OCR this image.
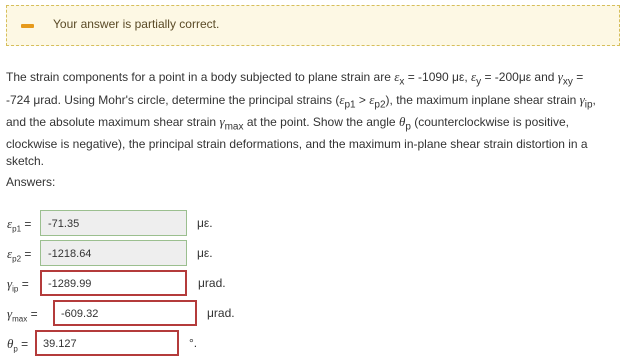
Your answer is partially correct.
The strain components for a point in a body subjected to plane strain are $\varepsilon_x = -1090$ με, $\varepsilon_y = -200\mu\varepsilon$ and $\gamma_{xy}$ =
-724 μrad. Using Mohr's circle, determine the principal strains $(\varepsilon_{p1} > \varepsilon_{p2})$, the maximum inplane shear strain $\gamma_{ip}$,
and the absolute maximum shear strain $\gamma_{max}$ at the point. Show the angle $\theta_p$ (counterclockwise is positive,
clockwise is negative), the principal strain deformations, and the maximum in-plane shear strain distortion in a
sketch.
Answers:
$\varepsilon_{p1}$ =	-71.35	με.
$\varepsilon_{p2}$ =	-1218.64	με.
$\gamma_{ip}$ =	-1289.99	μrad.
$\gamma_{max}$ =	-609.32	μrad.
$\theta_p$ =	39.127	°.
